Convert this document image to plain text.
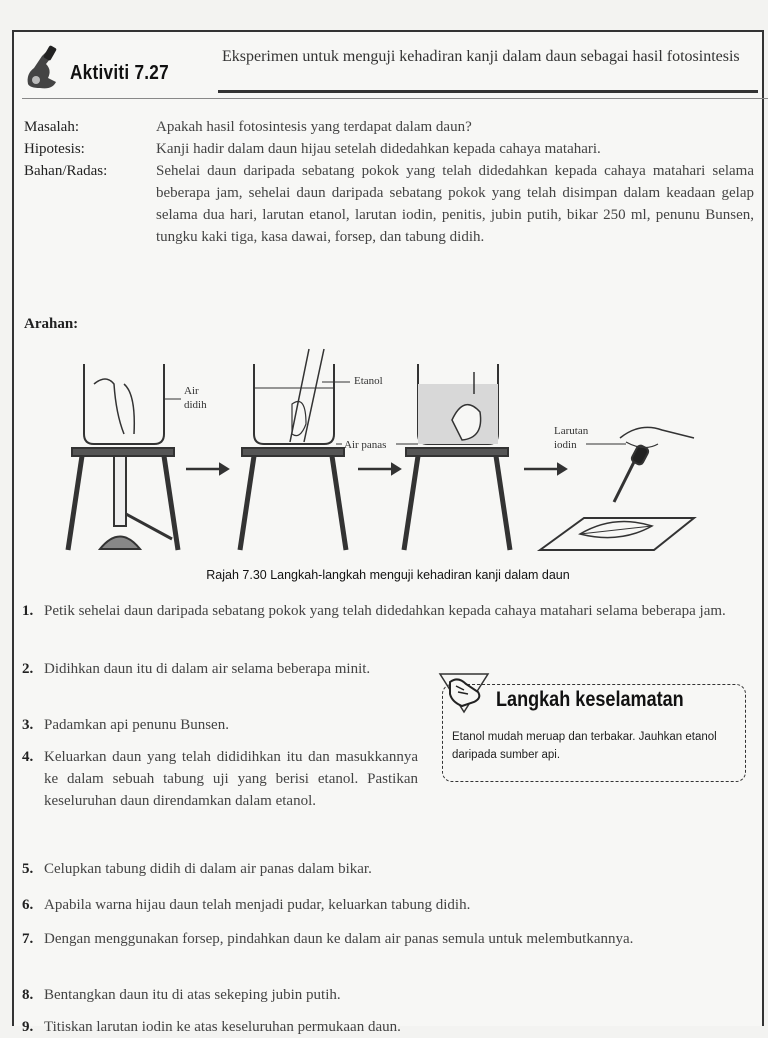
Aktiviti 7.27
Eksperimen untuk menguji kehadiran kanji dalam daun sebagai hasil fotosintesis
Masalah:	Apakah hasil fotosintesis yang terdapat dalam daun?
Hipotesis:	Kanji hadir dalam daun hijau setelah didedahkan kepada cahaya matahari.
Bahan/Radas:	Sehelai daun daripada sebatang pokok yang telah didedahkan kepada cahaya matahari selama beberapa jam, sehelai daun daripada sebatang pokok yang telah disimpan dalam keadaan gelap selama dua hari, larutan etanol, larutan iodin, penitis, jubin putih, bikar 250 ml, penunu Bunsen, tungku kaki tiga, kasa dawai, forsep, dan tabung didih.
Arahan:
Air
didih
Etanol
Air panas
Larutan
iodin
Rajah 7.30 Langkah-langkah menguji kehadiran kanji dalam daun
1. Petik sehelai daun daripada sebatang pokok yang telah didedahkan kepada cahaya matahari selama beberapa jam.
2. Didihkan daun itu di dalam air selama beberapa minit.
3. Padamkan api penunu Bunsen.
4. Keluarkan daun yang telah dididihkan itu dan masukkannya ke dalam sebuah tabung uji yang berisi etanol. Pastikan keseluruhan daun direndamkan dalam etanol.
5. Celupkan tabung didih di dalam air panas dalam bikar.
6. Apabila warna hijau daun telah menjadi pudar, keluarkan tabung didih.
7. Dengan menggunakan forsep, pindahkan daun ke dalam air panas semula untuk melembutkannya.
8. Bentangkan daun itu di atas sekeping jubin putih.
9. Titiskan larutan iodin ke atas keseluruhan permukaan daun.
Langkah keselamatan
Etanol mudah meruap dan terbakar. Jauhkan etanol daripada sumber api.
